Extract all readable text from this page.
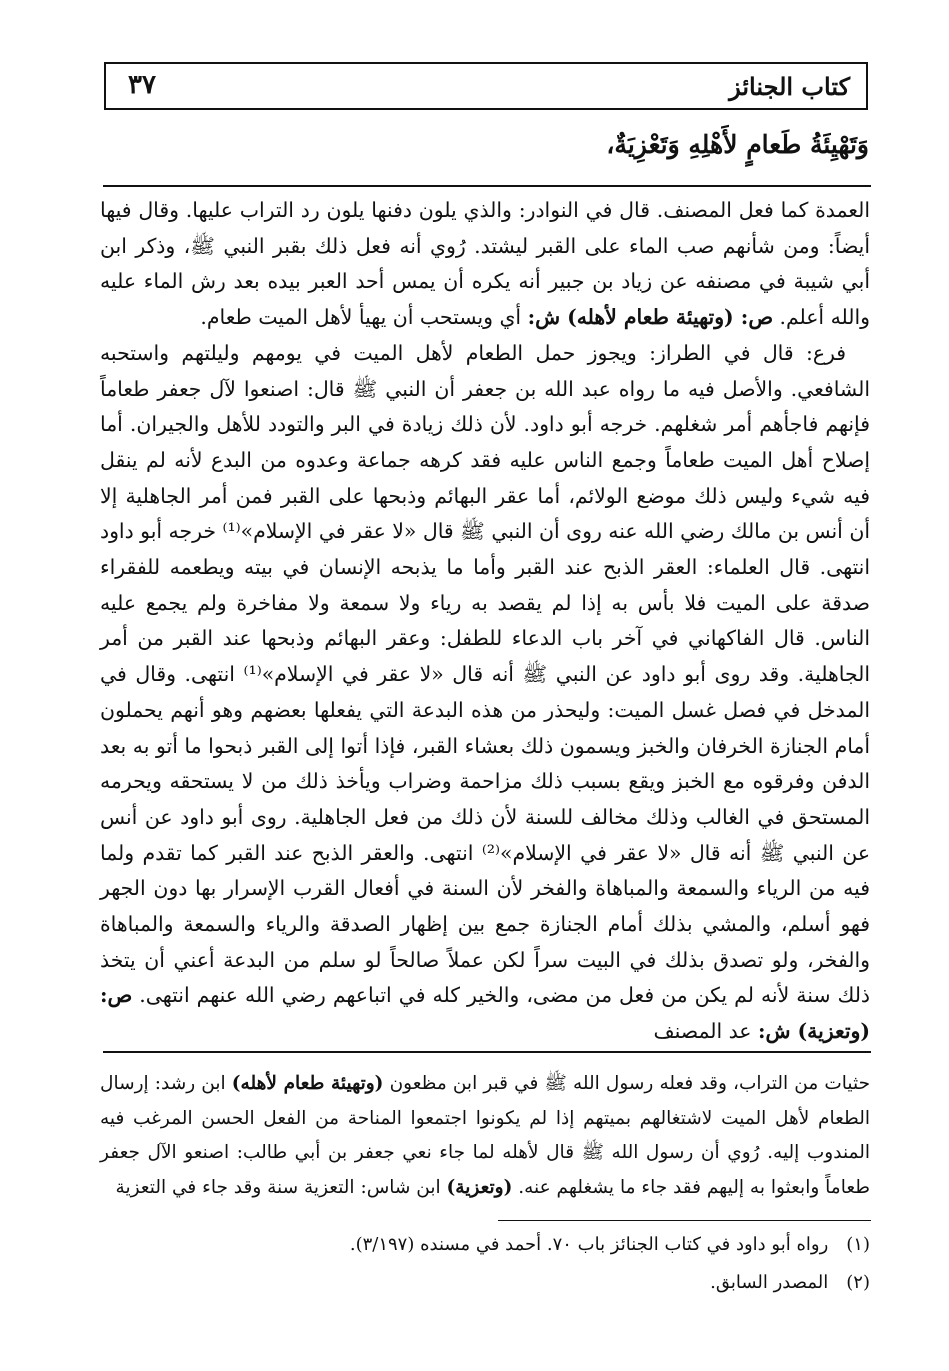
كتاب الجنائز
٣٧
وَتَهْيِئَةُ طَعامٍ لأَهْلِهِ وَتَعْزِيَةٌ،

العمدة كما فعل المصنف. قال في النوادر: والذي يلون دفنها يلون رد التراب عليها. وقال فيها أيضاً: ومن شأنهم صب الماء على القبر ليشتد. رُوي أنه فعل ذلك بقبر النبي ﷺ، وذكر ابن أبي شيبة في مصنفه عن زياد بن جبير أنه يكره أن يمس أحد العبر بيده بعد رش الماء عليه والله أعلم. ص: (وتهيئة طعام لأهله) ش: أي ويستحب أن يهيأ لأهل الميت طعام.

فرع: قال في الطراز: ويجوز حمل الطعام لأهل الميت في يومهم وليلتهم واستحبه الشافعي. والأصل فيه ما رواه عبد الله بن جعفر أن النبي ﷺ قال: اصنعوا لآل جعفر طعاماً فإنهم فاجأهم أمر شغلهم. خرجه أبو داود. لأن ذلك زيادة في البر والتودد للأهل والجيران. أما إصلاح أهل الميت طعاماً وجمع الناس عليه فقد كرهه جماعة وعدوه من البدع لأنه لم ينقل فيه شيء وليس ذلك موضع الولائم، أما عقر البهائم وذبحها على القبر فمن أمر الجاهلية إلا أن أنس بن مالك رضي الله عنه روى أن النبي ﷺ قال «لا عقر في الإسلام»⁽¹⁾ خرجه أبو داود انتهى. قال العلماء: العقر الذبح عند القبر وأما ما يذبحه الإنسان في بيته ويطعمه للفقراء صدقة على الميت فلا بأس به إذا لم يقصد به رياء ولا سمعة ولا مفاخرة ولم يجمع عليه الناس. قال الفاكهاني في آخر باب الدعاء للطفل: وعقر البهائم وذبحها عند القبر من أمر الجاهلية. وقد روى أبو داود عن النبي ﷺ أنه قال «لا عقر في الإسلام»⁽¹⁾ انتهى. وقال في المدخل في فصل غسل الميت: وليحذر من هذه البدعة التي يفعلها بعضهم وهو أنهم يحملون أمام الجنازة الخرفان والخبز ويسمون ذلك بعشاء القبر، فإذا أتوا إلى القبر ذبحوا ما أتو به بعد الدفن وفرقوه مع الخبز ويقع بسبب ذلك مزاحمة وضراب ويأخذ ذلك من لا يستحقه ويحرمه المستحق في الغالب وذلك مخالف للسنة لأن ذلك من فعل الجاهلية. روى أبو داود عن أنس عن النبي ﷺ أنه قال «لا عقر في الإسلام»⁽²⁾ انتهى. والعقر الذبح عند القبر كما تقدم ولما فيه من الرياء والسمعة والمباهاة والفخر لأن السنة في أفعال القرب الإسرار بها دون الجهر فهو أسلم، والمشي بذلك أمام الجنازة جمع بين إظهار الصدقة والرياء والسمعة والمباهاة والفخر، ولو تصدق بذلك في البيت سراً لكن عملاً صالحاً لو سلم من البدعة أعني أن يتخذ ذلك سنة لأنه لم يكن من فعل من مضى، والخير كله في اتباعهم رضي الله عنهم انتهى. ص: (وتعزية) ش: عد المصنف

حثيات من التراب، وقد فعله رسول الله ﷺ في قبر ابن مظعون (وتهيئة طعام لأهله) ابن رشد: إرسال الطعام لأهل الميت لاشتغالهم بميتهم إذا لم يكونوا اجتمعوا المناحة من الفعل الحسن المرغب فيه المندوب إليه. رُوي أن رسول الله ﷺ قال لأهله لما جاء نعي جعفر بن أبي طالب: اصنعو الآل جعفر طعاماً وابعثوا به إليهم فقد جاء ما يشغلهم عنه. (وتعزية) ابن شاس: التعزية سنة وقد جاء في التعزية

(١) رواه أبو داود في كتاب الجنائز باب ٧٠. أحمد في مسنده (٣/١٩٧).

(٢) المصدر السابق.
